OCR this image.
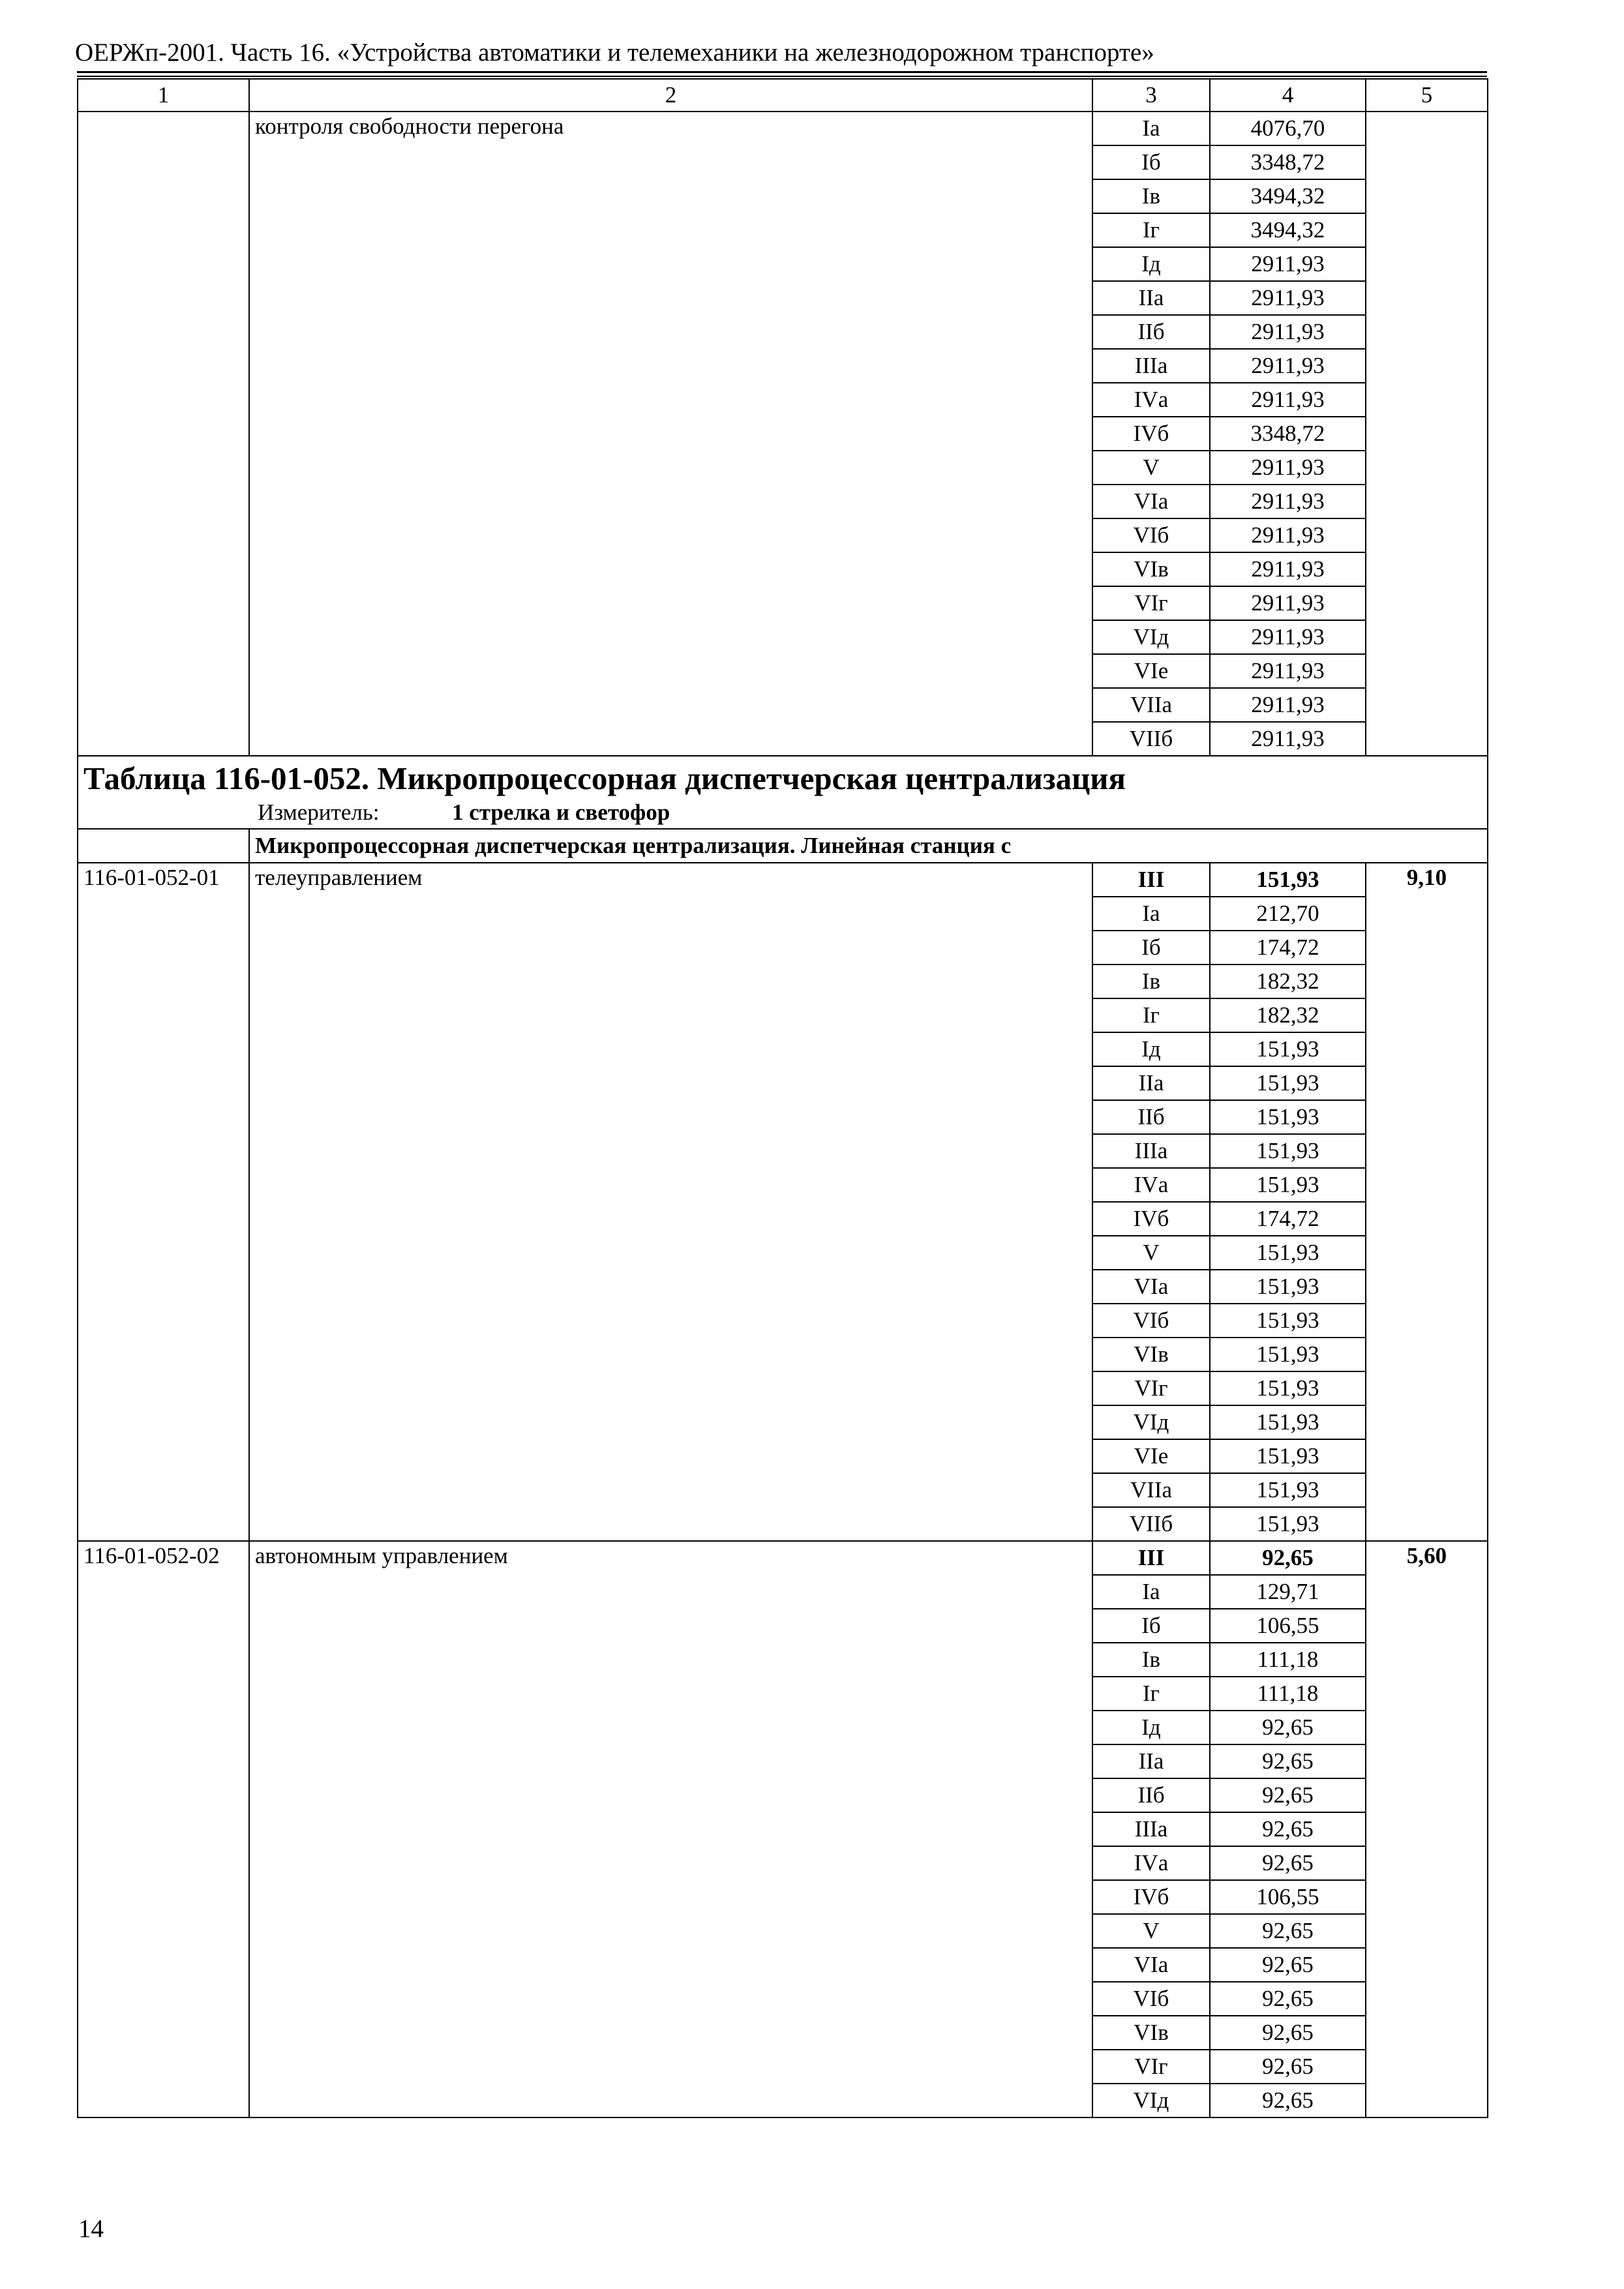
ОЕРЖп-2001. Часть 16. «Устройства автоматики и телемеханики на железнодорожном транспорте»
1	2	3	4	5
	контроля свободности перегона	Iа	4076,70	
		Iб	3348,72	
		Iв	3494,32	
		Iг	3494,32	
		Iд	2911,93	
		IIа	2911,93	
		IIб	2911,93	
		IIIа	2911,93	
		IVа	2911,93	
		IVб	3348,72	
		V	2911,93	
		VIа	2911,93	
		VIб	2911,93	
		VIв	2911,93	
		VIг	2911,93	
		VIд	2911,93	
		VIе	2911,93	
		VIIа	2911,93	
		VIIб	2911,93	

Таблица 116-01-052. Микропроцессорная диспетчерская централизация
Измеритель: 1 стрелка и светофор				

	Микропроцессорная диспетчерская централизация. Линейная станция с			
116-01-052-01	телеуправлением	III	151,93	9,10
		Iа	212,70	
		Iб	174,72	
		Iв	182,32	
		Iг	182,32	
		Iд	151,93	
		IIа	151,93	
		IIб	151,93	
		IIIа	151,93	
		IVа	151,93	
		IVб	174,72	
		V	151,93	
		VIа	151,93	
		VIб	151,93	
		VIв	151,93	
		VIг	151,93	
		VIд	151,93	
		VIе	151,93	
		VIIа	151,93	
		VIIб	151,93	
116-01-052-02	автономным управлением	III	92,65	5,60
		Iа	129,71	
		Iб	106,55	
		Iв	111,18	
		Iг	111,18	
		Iд	92,65	
		IIа	92,65	
		IIб	92,65	
		IIIа	92,65	
		IVа	92,65	
		IVб	106,55	
		V	92,65	
		VIа	92,65	
		VIб	92,65	
		VIв	92,65	
		VIг	92,65	
		VIд	92,65	
14
